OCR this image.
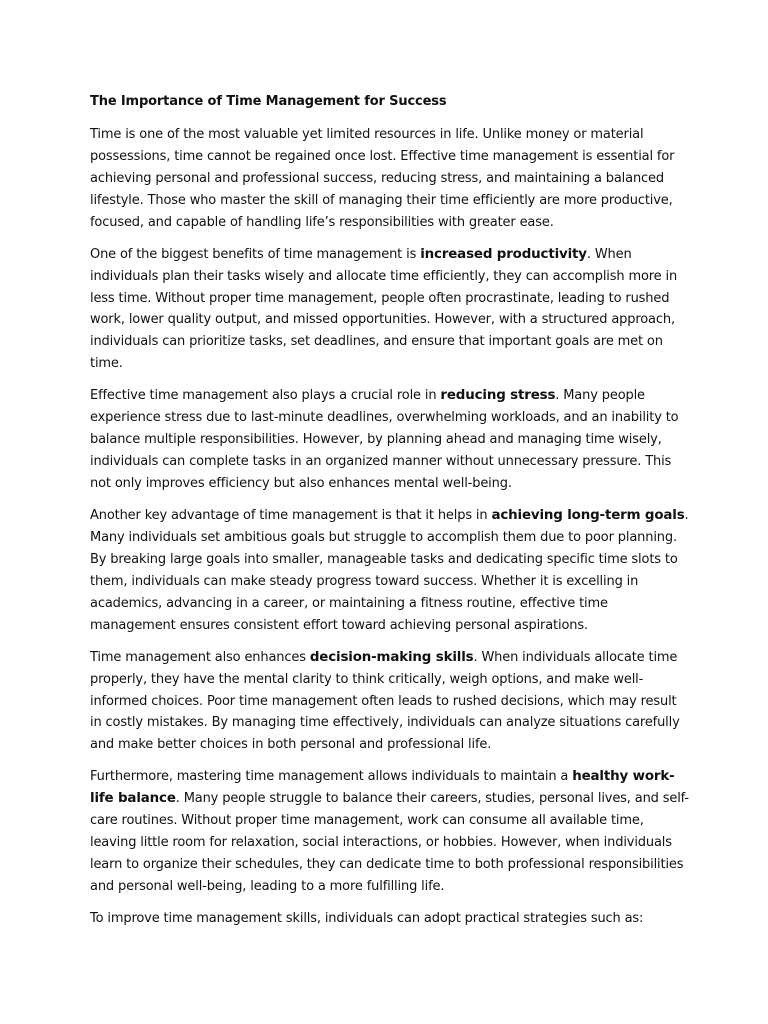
The Importance of Time Management for Success

Time is one of the most valuable yet limited resources in life. Unlike money or material possessions, time cannot be regained once lost. Effective time management is essential for achieving personal and professional success, reducing stress, and maintaining a balanced lifestyle. Those who master the skill of managing their time efficiently are more productive, focused, and capable of handling life’s responsibilities with greater ease.

One of the biggest benefits of time management is increased productivity. When individuals plan their tasks wisely and allocate time efficiently, they can accomplish more in less time. Without proper time management, people often procrastinate, leading to rushed work, lower quality output, and missed opportunities. However, with a structured approach, individuals can prioritize tasks, set deadlines, and ensure that important goals are met on time.

Effective time management also plays a crucial role in reducing stress. Many people experience stress due to last-minute deadlines, overwhelming workloads, and an inability to balance multiple responsibilities. However, by planning ahead and managing time wisely, individuals can complete tasks in an organized manner without unnecessary pressure. This not only improves efficiency but also enhances mental well-being.

Another key advantage of time management is that it helps in achieving long-term goals. Many individuals set ambitious goals but struggle to accomplish them due to poor planning. By breaking large goals into smaller, manageable tasks and dedicating specific time slots to them, individuals can make steady progress toward success. Whether it is excelling in academics, advancing in a career, or maintaining a fitness routine, effective time management ensures consistent effort toward achieving personal aspirations.

Time management also enhances decision-making skills. When individuals allocate time properly, they have the mental clarity to think critically, weigh options, and make well-informed choices. Poor time management often leads to rushed decisions, which may result in costly mistakes. By managing time effectively, individuals can analyze situations carefully and make better choices in both personal and professional life.

Furthermore, mastering time management allows individuals to maintain a healthy work-life balance. Many people struggle to balance their careers, studies, personal lives, and self-care routines. Without proper time management, work can consume all available time, leaving little room for relaxation, social interactions, or hobbies. However, when individuals learn to organize their schedules, they can dedicate time to both professional responsibilities and personal well-being, leading to a more fulfilling life.

To improve time management skills, individuals can adopt practical strategies such as:
